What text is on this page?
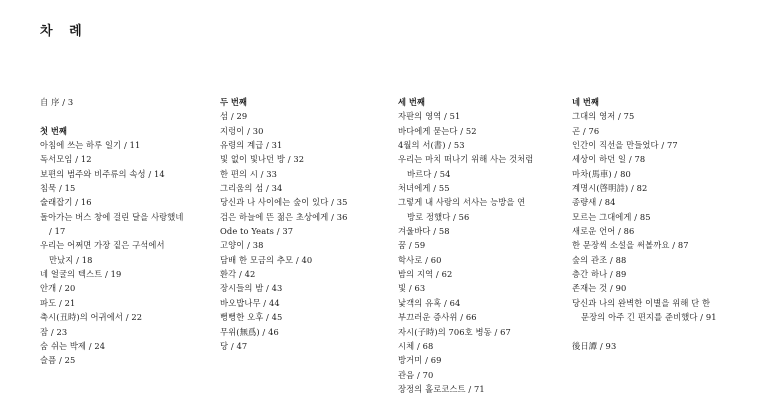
차 례
自 序 / 3
첫 번째
아침에 쓰는 하루 일기 / 11
독서모임 / 12
보편의 범주와 비주류의 속성 / 14
침묵 / 15
술래잡기 / 16
돌아가는 버스 창에 걸린 달을 사랑했네
/ 17
우리는 어쩌면 가장 짙은 구석에서
만났지 / 18
네 얼굴의 텍스트 / 19
안개 / 20
파도 / 21
축시(丑時)의 어귀에서 / 22
잠 / 23
숨 쉬는 박제 / 24
슬픔 / 25
두 번째
섬 / 29
지렁이 / 30
유령의 계급 / 31
빛 없이 빛나던 방 / 32
한 편의 시 / 33
그리움의 섬 / 34
당신과 나 사이에는 숲이 있다 / 35
검은 하늘에 뜬 젊은 초상에게 / 36
Ode to Yeats / 37
고양이 / 38
담배 한 모금의 추모 / 40
환각 / 42
장시들의 밤 / 43
바오밥나무 / 44
뻥뻥한 오후 / 45
무위(無爲) / 46
당 / 47
세 번째
자판의 영역 / 51
바다에게 묻는다 / 52
4월의 서(書) / 53
우리는 마치 떠나기 위해 사는 것처럼
바르다 / 54
처녀에게 / 55
그렇게 내 사랑의 서사는 능방을 연
방로 정했다 / 56
겨울바다 / 58
꿈 / 59
학사로 / 60
밤의 지역 / 62
빛 / 63
낯객의 유혹 / 64
부끄러운 증사위 / 66
자시(子時)의 706호 병동 / 67
시체 / 68
방거미 / 69
관음 / 70
장정의 홀로코스트 / 71
네 번째
그대의 영저 / 75
곤 / 76
인간이 직선을 만들었다 / 77
세상이 하던 일 / 78
마차(馬車) / 80
계명시(啓明詩) / 82
종량새 / 84
모르는 그대에게 / 85
새로운 언어 / 86
한 문장씩 소설을 써볼까요 / 87
숲의 관조 / 88
층간 하나 / 89
존재는 것 / 90
당신과 나의 완벽한 이별을 위해 단 한
문장의 아주 긴 편지를 준비했다 / 91
後日譚 / 93
